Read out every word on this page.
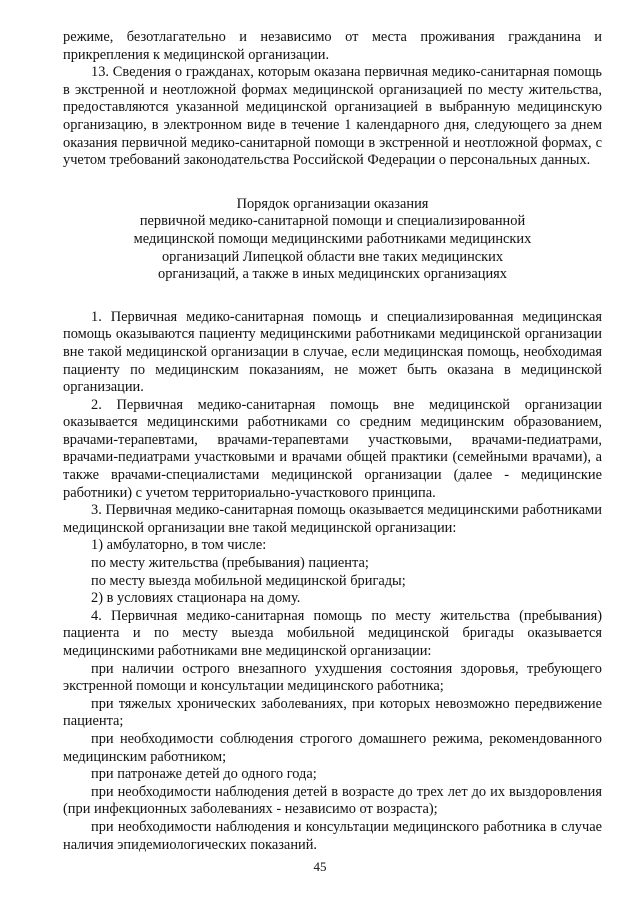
режиме, безотлагательно и независимо от места проживания гражданина и прикрепления к медицинской организации.

13. Сведения о гражданах, которым оказана первичная медико-санитарная помощь в экстренной и неотложной формах медицинской организацией по месту жительства, предоставляются указанной медицинской организацией в выбранную медицинскую организацию, в электронном виде в течение 1 календарного дня, следующего за днем оказания первичной медико-санитарной помощи в экстренной и неотложной формах, с учетом требований законодательства Российской Федерации о персональных данных.

Порядок организации оказания
первичной медико-санитарной помощи и специализированной
медицинской помощи медицинскими работниками медицинских
организаций Липецкой области вне таких медицинских
организаций, а также в иных медицинских организациях

1. Первичная медико-санитарная помощь и специализированная медицинская помощь оказываются пациенту медицинскими работниками медицинской организации вне такой медицинской организации в случае, если медицинская помощь, необходимая пациенту по медицинским показаниям, не может быть оказана в медицинской организации.

2. Первичная медико-санитарная помощь вне медицинской организации оказывается медицинскими работниками со средним медицинским образованием, врачами-терапевтами, врачами-терапевтами участковыми, врачами-педиатрами, врачами-педиатрами участковыми и врачами общей практики (семейными врачами), а также врачами-специалистами медицинской организации (далее - медицинские работники) с учетом территориально-участкового принципа.

3. Первичная медико-санитарная помощь оказывается медицинскими работниками медицинской организации вне такой медицинской организации:

1) амбулаторно, в том числе:

по месту жительства (пребывания) пациента;

по месту выезда мобильной медицинской бригады;

2) в условиях стационара на дому.

4. Первичная медико-санитарная помощь по месту жительства (пребывания) пациента и по месту выезда мобильной медицинской бригады оказывается медицинскими работниками вне медицинской организации:

при наличии острого внезапного ухудшения состояния здоровья, требующего экстренной помощи и консультации медицинского работника;

при тяжелых хронических заболеваниях, при которых невозможно передвижение пациента;

при необходимости соблюдения строгого домашнего режима, рекомендованного медицинским работником;

при патронаже детей до одного года;

при необходимости наблюдения детей в возрасте до трех лет до их выздоровления (при инфекционных заболеваниях - независимо от возраста);

при необходимости наблюдения и консультации медицинского работника в случае наличия эпидемиологических показаний.

45
